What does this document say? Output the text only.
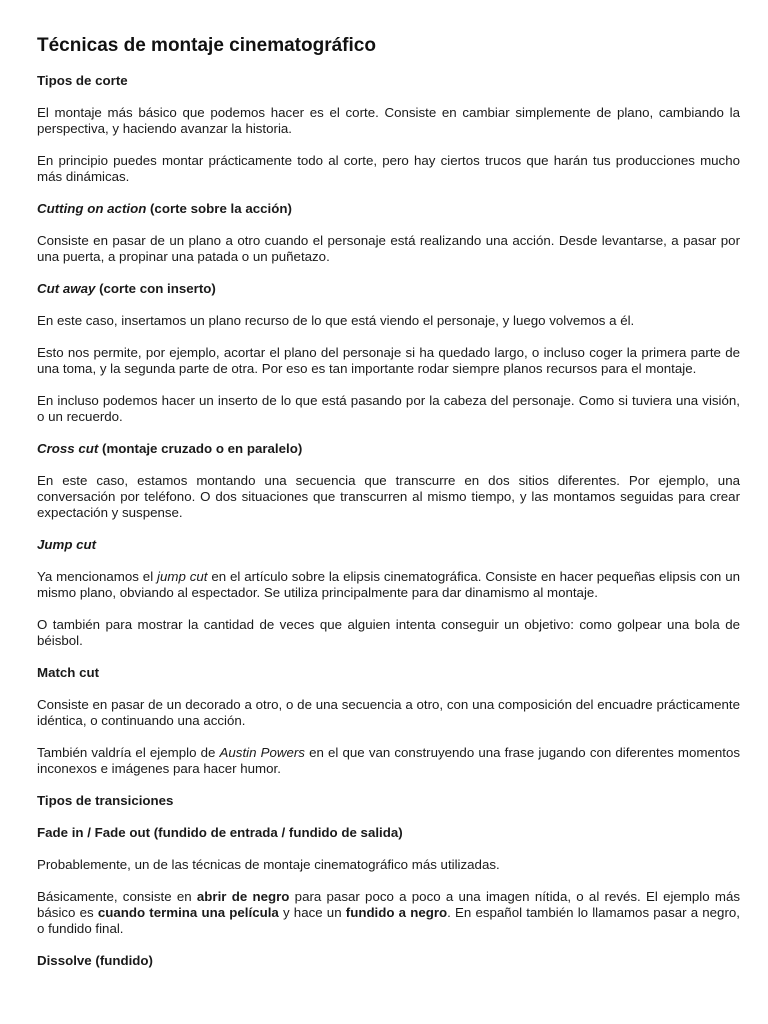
Técnicas de montaje cinematográfico
Tipos de corte
El montaje más básico que podemos hacer es el corte. Consiste en cambiar simplemente de plano, cambiando la perspectiva, y haciendo avanzar la historia.
En principio puedes montar prácticamente todo al corte, pero hay ciertos trucos que harán tus producciones mucho más dinámicas.
Cutting on action (corte sobre la acción)
Consiste en pasar de un plano a otro cuando el personaje está realizando una acción. Desde levantarse, a pasar por una puerta, a propinar una patada o un puñetazo.
Cut away (corte con inserto)
En este caso, insertamos un plano recurso de lo que está viendo el personaje, y luego volvemos a él.
Esto nos permite, por ejemplo, acortar el plano del personaje si ha quedado largo, o incluso coger la primera parte de una toma, y la segunda parte de otra. Por eso es tan importante rodar siempre planos recursos para el montaje.
En incluso podemos hacer un inserto de lo que está pasando por la cabeza del personaje. Como si tuviera una visión, o un recuerdo.
Cross cut (montaje cruzado o en paralelo)
En este caso, estamos montando una secuencia que transcurre en dos sitios diferentes. Por ejemplo, una conversación por teléfono. O dos situaciones que transcurren al mismo tiempo, y las montamos seguidas para crear expectación y suspense.
Jump cut
Ya mencionamos el jump cut en el artículo sobre la elipsis cinematográfica. Consiste en hacer pequeñas elipsis con un mismo plano, obviando al espectador. Se utiliza principalmente para dar dinamismo al montaje.
O también para mostrar la cantidad de veces que alguien intenta conseguir un objetivo: como golpear una bola de béisbol.
Match cut
Consiste en pasar de un decorado a otro, o de una secuencia a otro, con una composición del encuadre prácticamente idéntica, o continuando una acción.
También valdría el ejemplo de Austin Powers en el que van construyendo una frase jugando con diferentes momentos inconexos e imágenes para hacer humor.
Tipos de transiciones
Fade in / Fade out (fundido de entrada / fundido de salida)
Probablemente, un de las técnicas de montaje cinematográfico más utilizadas.
Básicamente, consiste en abrir de negro para pasar poco a poco a una imagen nítida, o al revés. El ejemplo más básico es cuando termina una película y hace un fundido a negro. En español también lo llamamos pasar a negro, o fundido final.
Dissolve (fundido)
